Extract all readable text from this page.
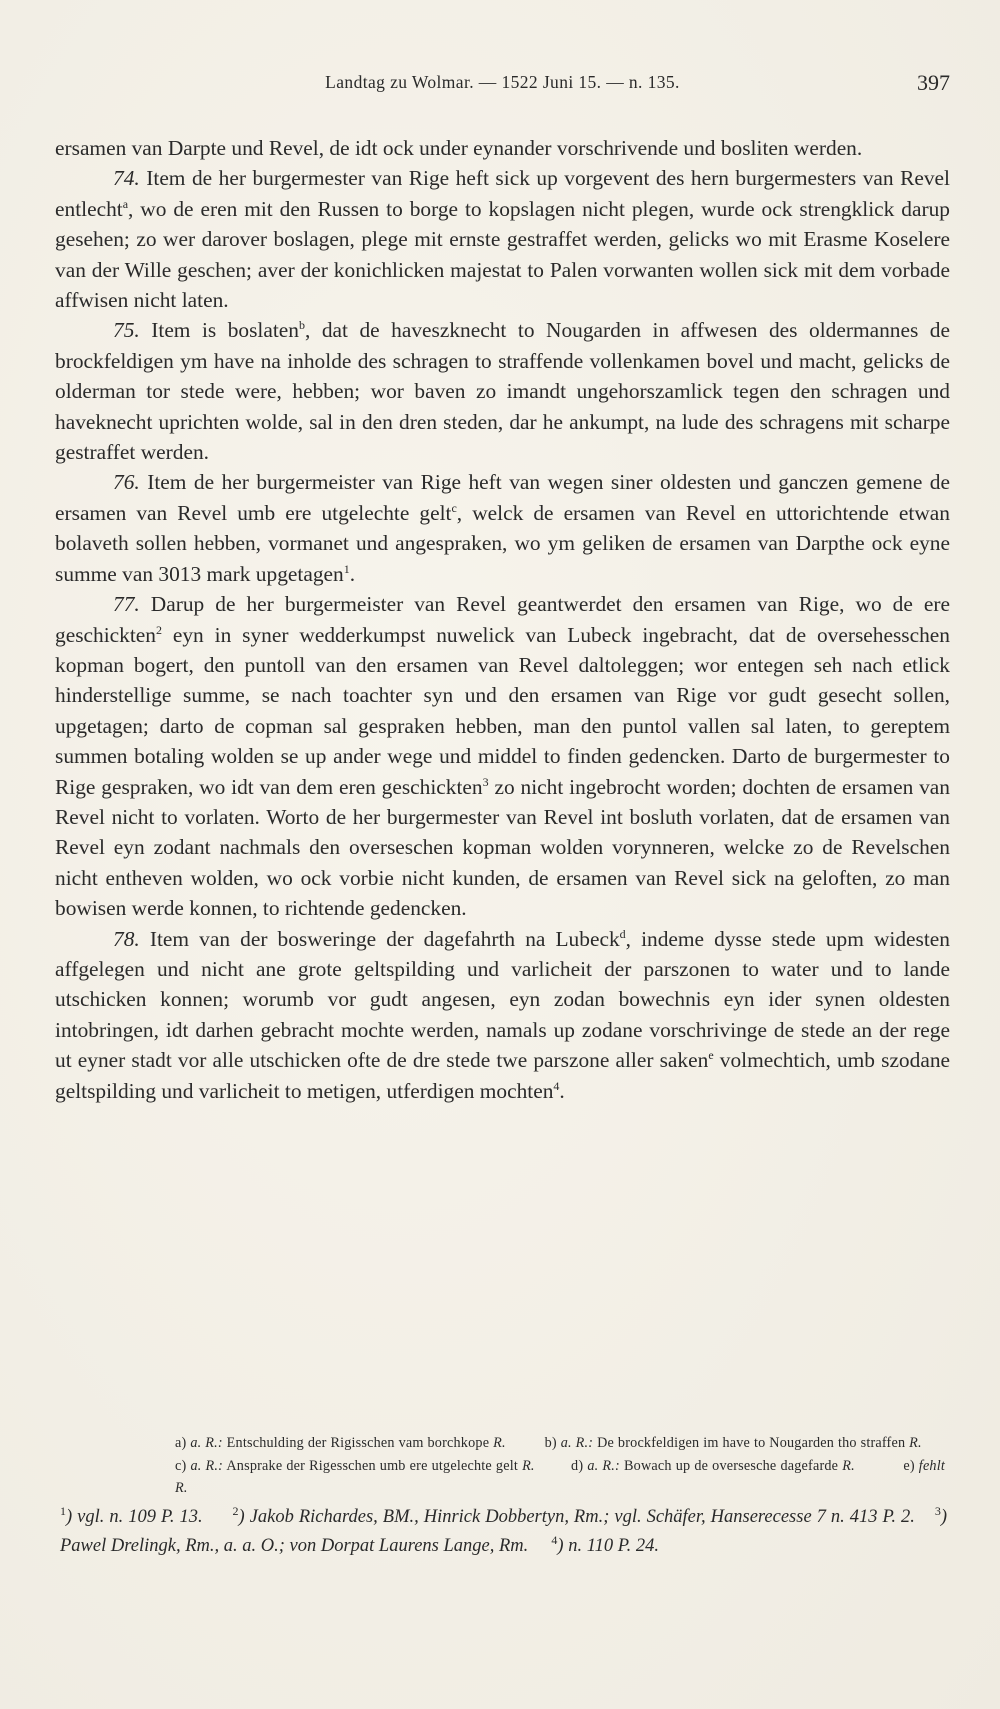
Landtag zu Wolmar. — 1522 Juni 15. — n. 135.	397

ersamen van Darpte und Revel, de idt ock under eynander vorschrivende und bosliten werden.

74. Item de her burgermester van Rige heft sick up vorgevent des hern burgermesters van Revel entlecht$^a$, wo de eren mit den Russen to borge to kopslagen nicht plegen, wurde ock strengklick darup gesehen; zo wer darover boslagen, plege mit ernste gestraffet werden, gelicks wo mit Erasme Koselere van der Wille geschen; aver der konichlicken majestat to Palen vorwanten wollen sick mit dem vorbade affwisen nicht laten.

75. Item is boslaten$^b$, dat de haveszknecht to Nougarden in affwesen des oldermannes de brockfeldigen ym have na inholde des schragen to straffende vollenkamen bovel und macht, gelicks de olderman tor stede were, hebben; wor baven zo imandt ungehorszamlick tegen den schragen und haveknecht uprichten wolde, sal in den dren steden, dar he ankumpt, na lude des schragens mit scharpe gestraffet werden.

76. Item de her burgermeister van Rige heft van wegen siner oldesten und ganczen gemene de ersamen van Revel umb ere utgelechte gelt$^c$, welck de ersamen van Revel en uttorichtende etwan bolaveth sollen hebben, vormanet und angespraken, wo ym geliken de ersamen van Darpthe ock eyne summe van 3013 mark upgetagen$^1$.

77. Darup de her burgermeister van Revel geantwerdet den ersamen van Rige, wo de ere geschickten$^2$ eyn in syner wedderkumpst nuwelick van Lubeck ingebracht, dat de oversehesschen kopman bogert, den puntoll van den ersamen van Revel daltoleggen; wor entegen seh nach etlick hinderstellige summe, se nach toachter syn und den ersamen van Rige vor gudt gesecht sollen, upgetagen; darto de copman sal gespraken hebben, man den puntol vallen sal laten, to gereptem summen botaling wolden se up ander wege und middel to finden gedencken. Darto de burgermester to Rige gespraken, wo idt van dem eren geschickten$^3$ zo nicht ingebrocht worden; dochten de ersamen van Revel nicht to vorlaten. Worto de her burgermester van Revel int bosluth vorlaten, dat de ersamen van Revel eyn zodant nachmals den overseschen kopman wolden vorynneren, welcke zo de Revelschen nicht entheven wolden, wo ock vorbie nicht kunden, de ersamen van Revel sick na geloften, zo man bowisen werde konnen, to richtende gedencken.

78. Item van der bosweringe der dagefahrth na Lubeck$^d$, indeme dysse stede upm widesten affgelegen und nicht ane grote geltspilding und varlicheit der parszonen to water und to lande utschicken konnen; worumb vor gudt angesen, eyn zodan bowechnis eyn ider synen oldesten intobringen, idt darhen gebracht mochte werden, namals up zodane vorschrivinge de stede an der rege ut eyner stadt vor alle utschicken ofte de dre stede twe parszone aller saken$^e$ volmechtich, umb szodane geltspilding und varlicheit to metigen, utferdigen mochten$^4$.

a) a. R.: Entschulding der Rigisschen vam borchkope R.	b) a. R.: De brockfeldigen im have to Nougarden tho straffen R.       c) a. R.: Ansprake der Rigesschen umb ere utgelechte gelt R.	d) a. R.: Bowach up de oversesche dagefarde R.	e) fehlt R.

$^1$) vgl. n. 109 P. 13. $^2$) Jakob Richardes, BM., Hinrick Dobbertyn, Rm.; vgl. Schäfer, Hanserecesse 7 n. 413 P. 2. $^3$) Pawel Drelingk, Rm., a. a. O.; von Dorpat Laurens Lange, Rm. $^4$) n. 110 P. 24.
